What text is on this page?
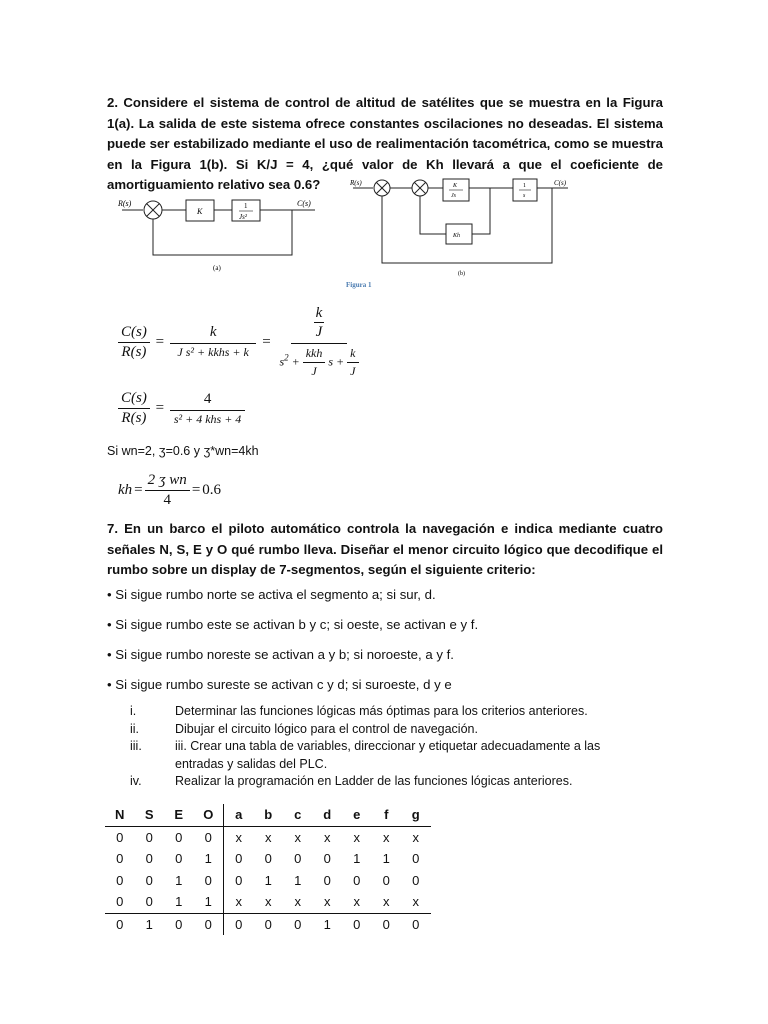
2. Considere el sistema de control de altitud de satélites que se muestra en la Figura 1(a). La salida de este sistema ofrece constantes oscilaciones no deseadas. El sistema puede ser estabilizado mediante el uso de realimentación tacométrica, como se muestra en la Figura 1(b). Si K/J = 4, ¿qué valor de Kh llevará a que el coeficiente de amortiguamiento relativo sea 0.6?
R(s)	C(s)
K
1
Js²
(a)
R(s)	C(s)
K
Js
1
s
Kh
(b)
Figura 1
$\frac{C(s)}{R(s)} = \frac{k}{\text{J s² + kkhs + k}} = \frac{\frac{k}{J}}{s^2 + \frac{\text{kkh}}{J} s + \frac{k}{J}}$
$\frac{C(s)}{R(s)} = \frac{4}{\text{s² + 4 khs + 4}}$
Si wn=2, ʒ=0.6 y ʒ*wn=4kh
kh = $\frac{\text{2 ʒ wn}}{4} = 0.6$
7. En un barco el piloto automático controla la navegación e indica mediante cuatro señales N, S, E y O qué rumbo lleva. Diseñar el menor circuito lógico que decodifique el rumbo sobre un display de 7-segmentos, según el siguiente criterio:
• Si sigue rumbo norte se activa el segmento a; si sur, d.
• Si sigue rumbo este se activan b y c; si oeste, se activan e y f.
• Si sigue rumbo noreste se activan a y b; si noroeste, a y f.
• Si sigue rumbo sureste se activan c y d; si suroeste, d y e
i.	Determinar las funciones lógicas más óptimas para los criterios anteriores.
ii.	Dibujar el circuito lógico para el control de navegación.
iii.	iii. Crear una tabla de variables, direccionar y etiquetar adecuadamente a las entradas y salidas del PLC.
iv.	Realizar la programación en Ladder de las funciones lógicas anteriores.
N	S	E	O	a	b	c	d	e	f	g
0	0	0	0	x	x	x	x	x	x	x
0	0	0	1	0	0	0	0	1	1	0
0	0	1	0	0	1	1	0	0	0	0
0	0	1	1	x	x	x	x	x	x	x
0	1	0	0	0	0	0	1	0	0	0
